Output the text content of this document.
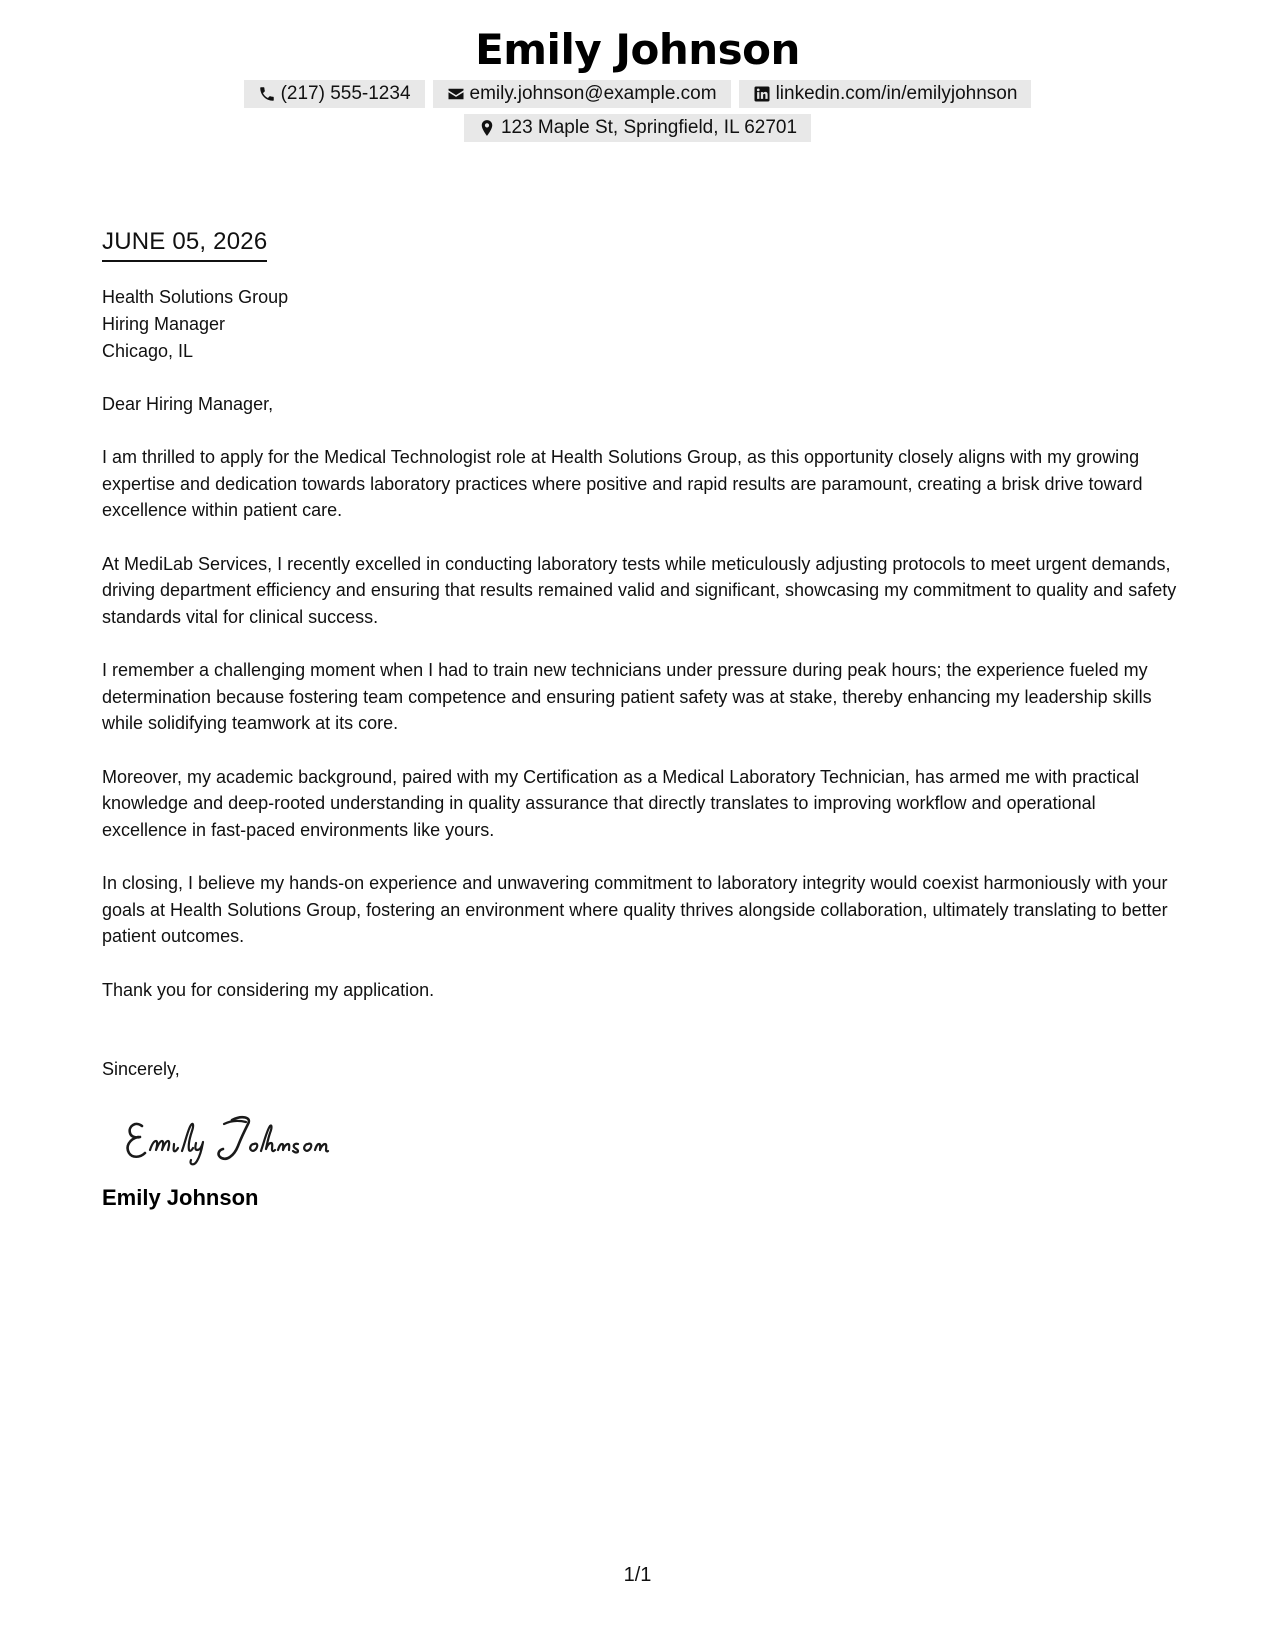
Emily Johnson
(217) 555-1234	emily.johnson@example.com	linkedin.com/in/emilyjohnson
123 Maple St, Springfield, IL 62701
JUNE 05, 2026
Health Solutions Group
Hiring Manager
Chicago, IL
Dear Hiring Manager,

I am thrilled to apply for the Medical Technologist role at Health Solutions Group, as this opportunity closely aligns with my growing expertise and dedication towards laboratory practices where positive and rapid results are paramount, creating a brisk drive toward excellence within patient care.

At MediLab Services, I recently excelled in conducting laboratory tests while meticulously adjusting protocols to meet urgent demands, driving department efficiency and ensuring that results remained valid and significant, showcasing my commitment to quality and safety standards vital for clinical success.

I remember a challenging moment when I had to train new technicians under pressure during peak hours; the experience fueled my determination because fostering team competence and ensuring patient safety was at stake, thereby enhancing my leadership skills while solidifying teamwork at its core.

Moreover, my academic background, paired with my Certification as a Medical Laboratory Technician, has armed me with practical knowledge and deep-rooted understanding in quality assurance that directly translates to improving workflow and operational excellence in fast-paced environments like yours.

In closing, I believe my hands-on experience and unwavering commitment to laboratory integrity would coexist harmoniously with your goals at Health Solutions Group, fostering an environment where quality thrives alongside collaboration, ultimately translating to better patient outcomes.

Thank you for considering my application.

Sincerely,
Emily Johnson
1/1
